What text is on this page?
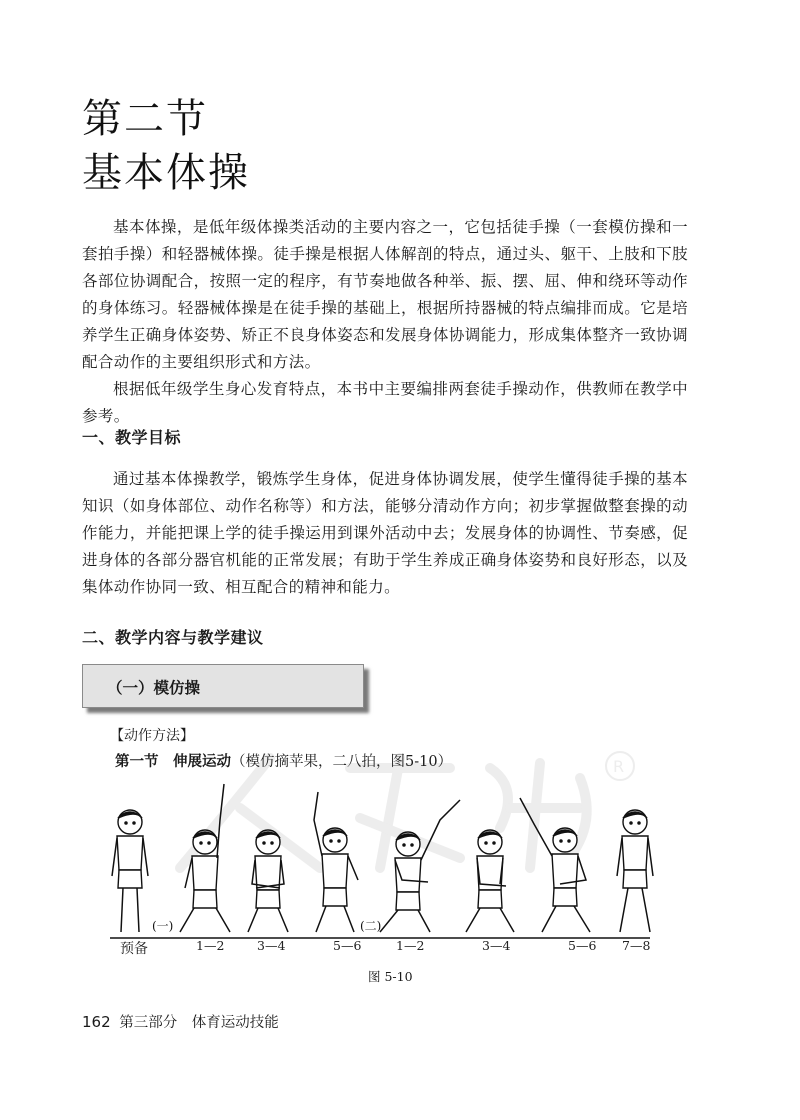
第二节
基本体操

基本体操，是低年级体操类活动的主要内容之一，它包括徒手操（一套模仿操和一套拍手操）和轻器械体操。徒手操是根据人体解剖的特点，通过头、躯干、上肢和下肢各部位协调配合，按照一定的程序，有节奏地做各种举、振、摆、屈、伸和绕环等动作的身体练习。轻器械体操是在徒手操的基础上，根据所持器械的特点编排而成。它是培养学生正确身体姿势、矫正不良身体姿态和发展身体协调能力，形成集体整齐一致协调配合动作的主要组织形式和方法。

根据低年级学生身心发育特点，本书中主要编排两套徒手操动作，供教师在教学中参考。

一、教学目标

通过基本体操教学，锻炼学生身体，促进身体协调发展，使学生懂得徒手操的基本知识（如身体部位、动作名称等）和方法，能够分清动作方向；初步掌握做整套操的动作能力，并能把课上学的徒手操运用到课外活动中去；发展身体的协调性、节奏感，促进身体的各部分器官机能的正常发展；有助于学生养成正确身体姿势和良好形态，以及集体动作协同一致、相互配合的精神和能力。

二、教学内容与教学建议
（一）模仿操
【动作方法】
第一节　伸展运动（模仿摘苹果，二八拍，图5-10）	R
(一)	(二)
预备	1—2	3—4	5—6	1—2	3—4	5—6 7—8
图 5-10
162 第三部分　体育运动技能
